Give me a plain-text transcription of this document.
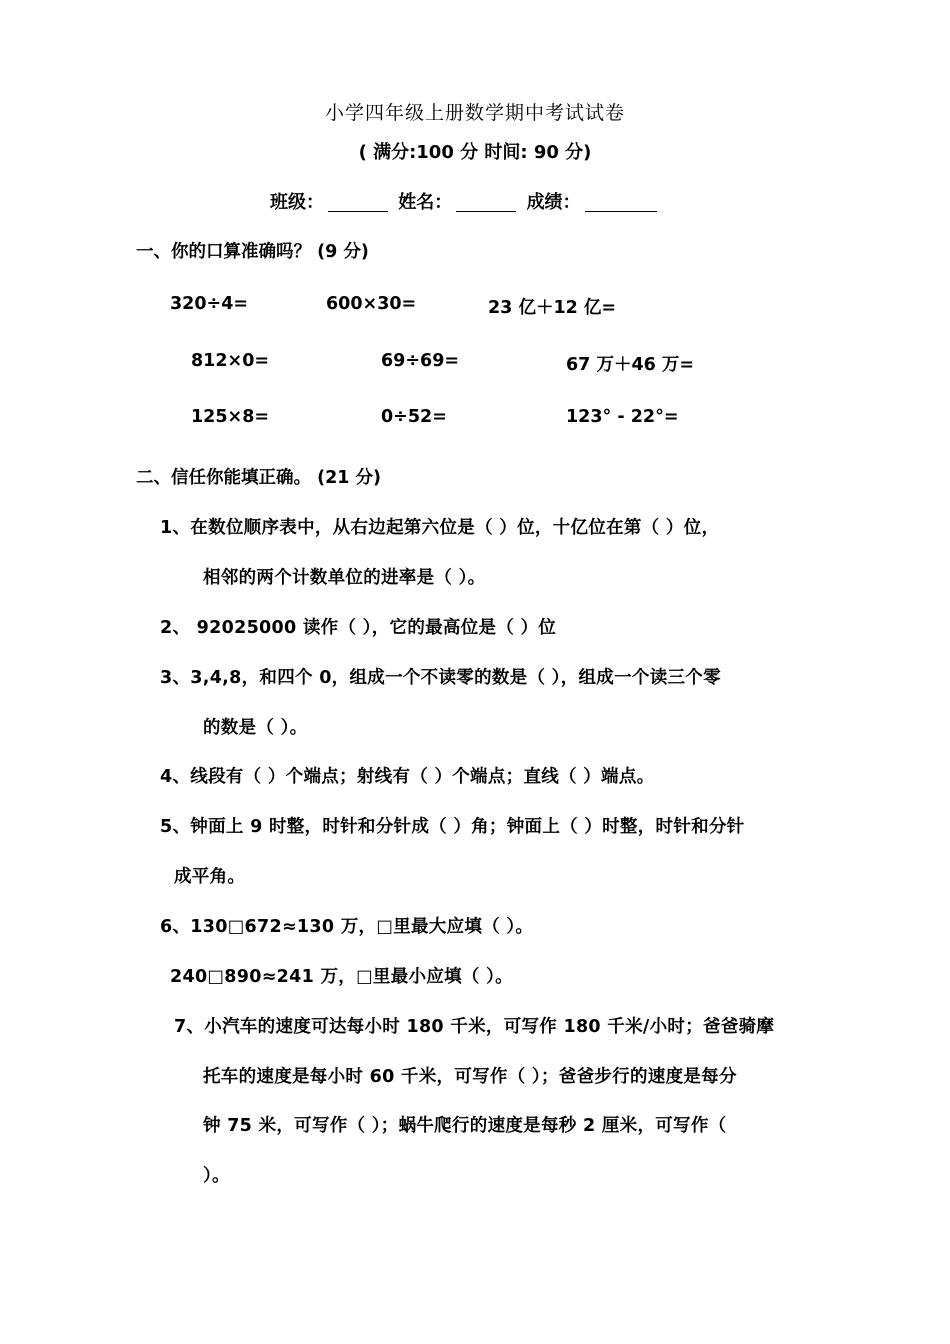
小学四年级上册数学期中考试试卷
( 满分:100 分 时间: 90 分)
班级：	姓名：	成绩：
一、你的口算准确吗？ (9 分)
320÷4=	600×30=	23 亿＋12 亿=
812×0=	69÷69=	67 万＋46 万=
125×8=	0÷52=	123° - 22°=
二、信任你能填正确。 (21 分)
1、在数位顺序表中，从右边起第六位是（ ）位，十亿位在第（ ）位，
相邻的两个计数单位的进率是（ ）。
2、 92025000 读作（ ），它的最高位是（ ）位
3、3,4,8，和四个 0，组成一个不读零的数是（ ），组成一个读三个零
的数是（ ）。
4、线段有（ ）个端点；射线有（ ）个端点；直线（ ）端点。
5、钟面上 9 时整，时针和分针成（ ）角；钟面上（ ）时整，时针和分针
成平角。
6、130□672≈130 万，□里最大应填（ ）。
240□890≈241 万，□里最小应填（ ）。
7、小汽车的速度可达每小时 180 千米，可写作 180 千米/小时；爸爸骑摩
托车的速度是每小时 60 千米，可写作（ ）；爸爸步行的速度是每分
钟 75 米，可写作（ ）；蜗牛爬行的速度是每秒 2 厘米，可写作（
）。
